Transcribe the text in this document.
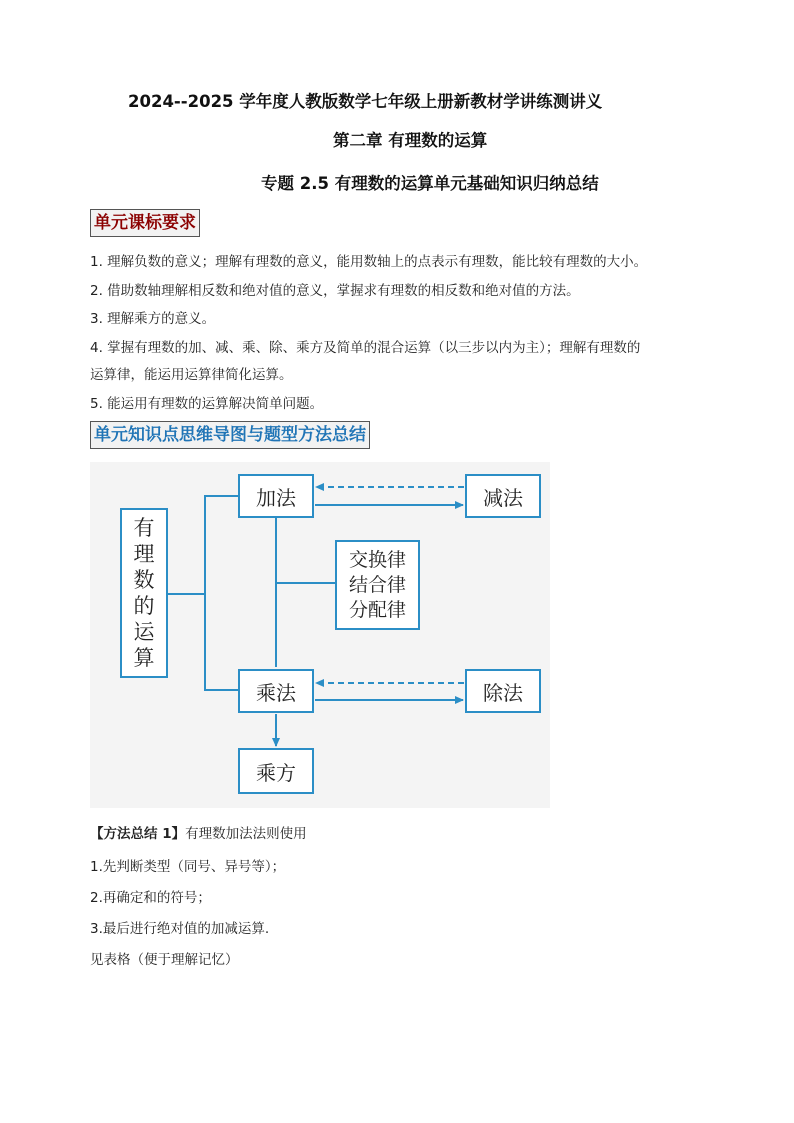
2024--2025 学年度人教版数学七年级上册新教材学讲练测讲义
第二章 有理数的运算
专题 2.5 有理数的运算单元基础知识归纳总结
单元课标要求
1. 理解负数的意义；理解有理数的意义，能用数轴上的点表示有理数，能比较有理数的大小。
2. 借助数轴理解相反数和绝对值的意义，掌握求有理数的相反数和绝对值的方法。
3. 理解乘方的意义。
4. 掌握有理数的加、减、乘、除、乘方及简单的混合运算（以三步以内为主）；理解有理数的
运算律，能运用运算律简化运算。
5. 能运用有理数的运算解决简单问题。
单元知识点思维导图与题型方法总结
有
理
数
的
运
算
加法	减法
交换律
结合律
分配律
乘法	除法
乘方
【方法总结 1】有理数加法法则使用
1.先判断类型（同号、异号等）；
2.再确定和的符号；
3.最后进行绝对值的加减运算.
见表格（便于理解记忆）
